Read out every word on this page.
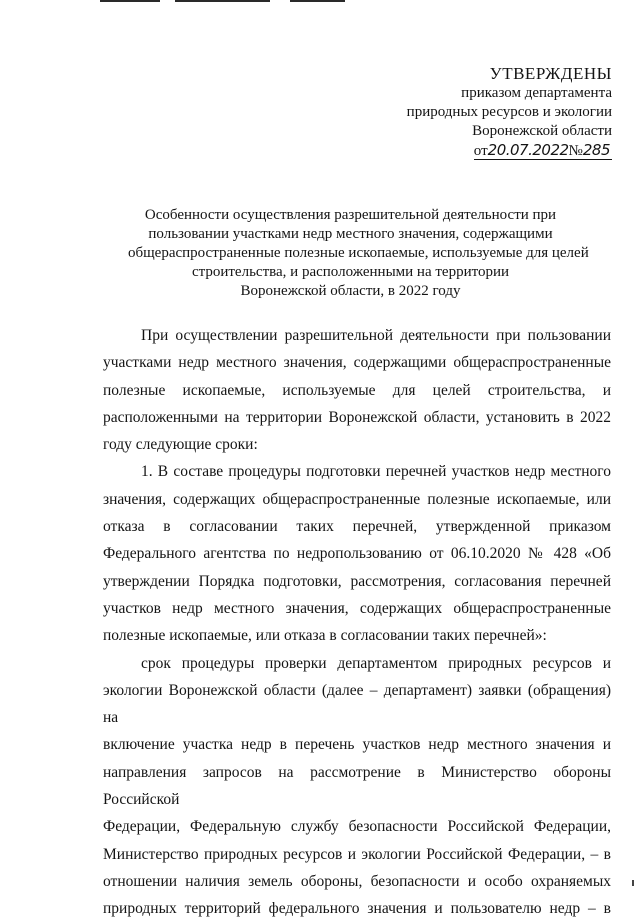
УТВЕРЖДЕНЫ
приказом департамента
природных ресурсов и экологии
Воронежской области
от20.07.2022№285
Особенности осуществления разрешительной деятельности при
пользовании участками недр местного значения, содержащими
общераспространенные полезные ископаемые, используемые для целей
строительства, и расположенными на территории
Воронежской области, в 2022 году
При осуществлении разрешительной деятельности при пользовании
участками недр местного значения, содержащими общераспространенные
полезные ископаемые, используемые для целей строительства, и
расположенными на территории Воронежской области, установить в 2022
году следующие сроки:
1. В составе процедуры подготовки перечней участков недр местного
значения, содержащих общераспространенные полезные ископаемые, или
отказа в согласовании таких перечней, утвержденной приказом
Федерального агентства по недропользованию от 06.10.2020 № 428 «Об
утверждении Порядка подготовки, рассмотрения, согласования перечней
участков недр местного значения, содержащих общераспространенные
полезные ископаемые, или отказа в согласовании таких перечней»:
срок процедуры проверки департаментом природных ресурсов и
экологии Воронежской области (далее – департамент) заявки (обращения) на
включение участка недр в перечень участков недр местного значения и
направления запросов на рассмотрение в Министерство обороны Российской
Федерации, Федеральную службу безопасности Российской Федерации,
Министерство природных ресурсов и экологии Российской Федерации, – в
отношении наличия земель обороны, безопасности и особо охраняемых
природных территорий федерального значения и пользователю недр – в
